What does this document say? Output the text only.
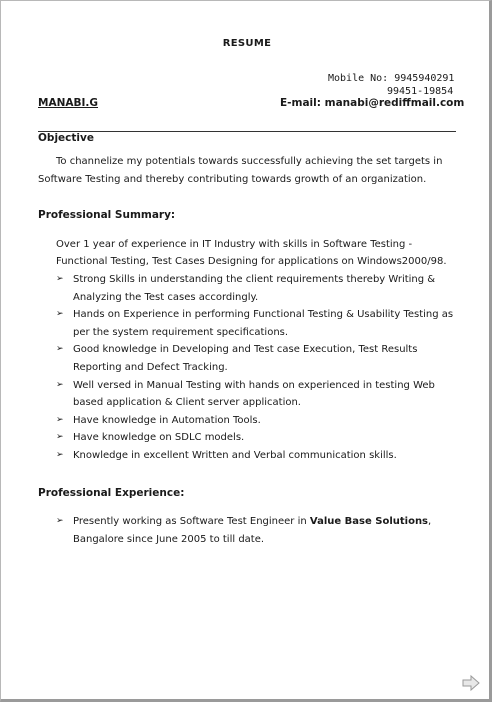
RESUME
Mobile No: 9945940291
99451-19854
MANABI.G	E-mail: manabi@rediffmail.com
Objective
To channelize my potentials towards successfully achieving the set targets in
Software Testing and thereby contributing towards growth of an organization.
Professional Summary:
Over 1 year of experience in IT Industry with skills in Software Testing -
Functional Testing, Test Cases Designing for applications on Windows2000/98.
➢ Strong Skills in understanding the client requirements thereby Writing &
Analyzing the Test cases accordingly.
➢ Hands on Experience in performing Functional Testing & Usability Testing as
per the system requirement specifications.
➢ Good knowledge in Developing and Test case Execution, Test Results
Reporting and Defect Tracking.
➢ Well versed in Manual Testing with hands on experienced in testing Web
based application & Client server application.
➢ Have knowledge in Automation Tools.
➢ Have knowledge on SDLC models.
➢ Knowledge in excellent Written and Verbal communication skills.
Professional Experience:
➢ Presently working as Software Test Engineer in Value Base Solutions,
Bangalore since June 2005 to till date.
